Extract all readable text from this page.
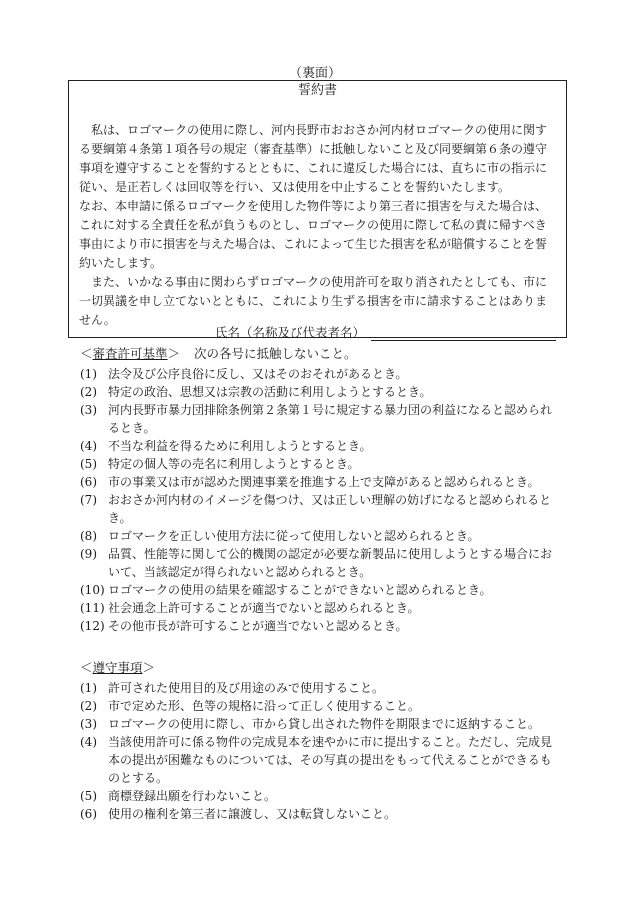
（裏面）
誓約書

私は、ロゴマークの使用に際し、河内長野市おおさか河内材ロゴマークの使用に関する要綱第４条第１項各号の規定（審査基準）に抵触しないこと及び同要綱第６条の遵守事項を遵守することを誓約するとともに、これに違反した場合には、直ちに市の指示に従い、是正若しくは回収等を行い、又は使用を中止することを誓約いたします。

なお、本申請に係るロゴマークを使用した物件等により第三者に損害を与えた場合は、これに対する全責任を私が負うものとし、ロゴマークの使用に際して私の責に帰すべき事由により市に損害を与えた場合は、これによって生じた損害を私が賠償することを誓約いたします。

また、いかなる事由に関わらずロゴマークの使用許可を取り消されたとしても、市に一切異議を申し立てないとともに、これにより生ずる損害を市に請求することはありません。

氏名（名称及び代表者名）
＜審査許可基準＞ 次の各号に抵触しないこと。
(1) 法令及び公序良俗に反し、又はそのおそれがあるとき。
(2) 特定の政治、思想又は宗教の活動に利用しようとするとき。
(3) 河内長野市暴力団排除条例第２条第１号に規定する暴力団の利益になると認められるとき。
(4) 不当な利益を得るために利用しようとするとき。
(5) 特定の個人等の売名に利用しようとするとき。
(6) 市の事業又は市が認めた関連事業を推進する上で支障があると認められるとき。
(7) おおさか河内材のイメージを傷つけ、又は正しい理解の妨げになると認められるとき。
(8) ロゴマークを正しい使用方法に従って使用しないと認められるとき。
(9) 品質、性能等に関して公的機関の認定が必要な新製品に使用しようとする場合において、当該認定が得られないと認められるとき。
(10) ロゴマークの使用の結果を確認することができないと認められるとき。
(11) 社会通念上許可することが適当でないと認められるとき。
(12) その他市長が許可することが適当でないと認めるとき。
＜遵守事項＞
(1) 許可された使用目的及び用途のみで使用すること。
(2) 市で定めた形、色等の規格に沿って正しく使用すること。
(3) ロゴマークの使用に際し、市から貸し出された物件を期限までに返納すること。
(4) 当該使用許可に係る物件の完成見本を速やかに市に提出すること。ただし、完成見本の提出が困難なものについては、その写真の提出をもって代えることができるものとする。
(5) 商標登録出願を行わないこと。
(6) 使用の権利を第三者に譲渡し、又は転貸しないこと。
